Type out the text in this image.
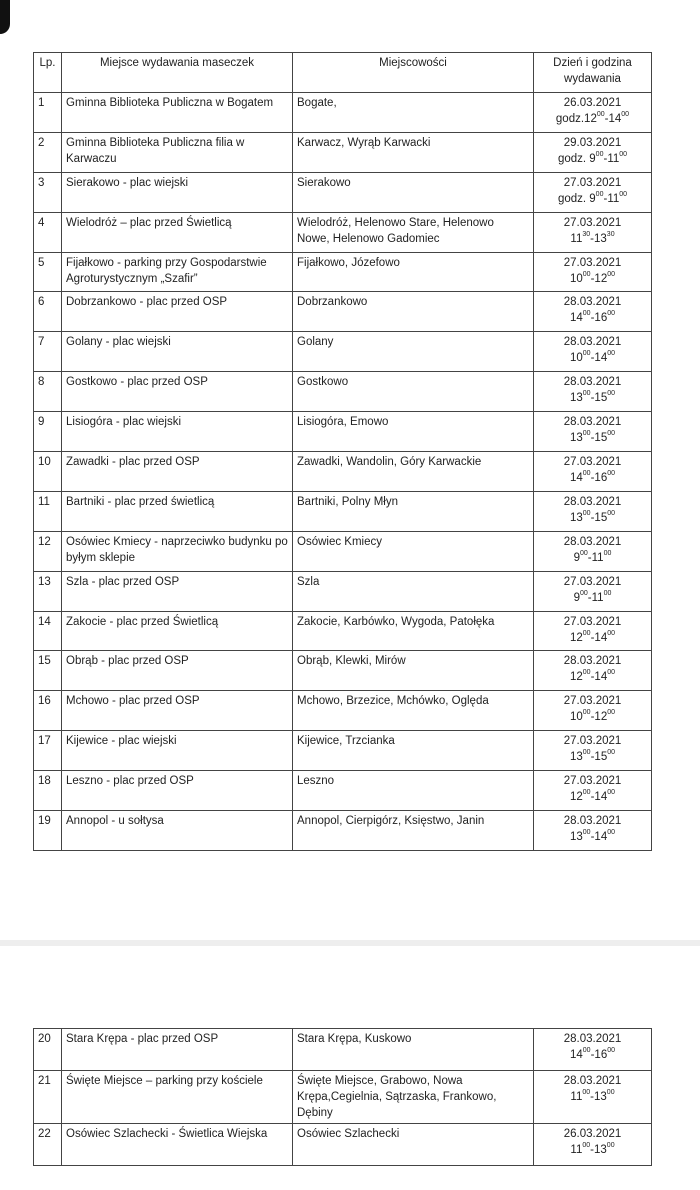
Lp.	Miejsce wydawania maseczek	Miejscowości	Dzień i godzina wydawania
1	Gminna Biblioteka Publiczna w Bogatem	Bogate,	26.03.2021
$godz.12^{00}-14^{00}$

2	Gminna Biblioteka Publiczna filia w Karwaczu	Karwacz, Wyrąb Karwacki	29.03.2021
godz. $9^{00}-11^{00}$

3	Sierakowo - plac wiejski	Sierakowo	27.03.2021
godz. $9^{00}-11^{00}$

4	Wielodróż – plac przed Świetlicą	Wielodróż, Helenowo Stare, Helenowo Nowe, Helenowo Gadomiec	27.03.2021
$11^{30}-13^{30}$

5	Fijałkowo - parking przy Gospodarstwie Agroturystycznym „Szafir”	Fijałkowo, Józefowo	27.03.2021
$10^{00}-12^{00}$

6	Dobrzankowo - plac przed OSP	Dobrzankowo	28.03.2021
$14^{00}-16^{00}$

7	Golany - plac wiejski	Golany	28.03.2021
$10^{00}-14^{00}$

8	Gostkowo - plac przed OSP	Gostkowo	28.03.2021
$13^{00}-15^{00}$

9	Lisiogóra - plac wiejski	Lisiogóra, Emowo	28.03.2021
$13^{00}-15^{00}$

10	Zawadki - plac przed OSP	Zawadki, Wandolin, Góry Karwackie	27.03.2021
$14^{00}-16^{00}$

11	Bartniki - plac przed świetlicą	Bartniki, Polny Młyn	28.03.2021
$13^{00}-15^{00}$

12	Osówiec Kmiecy - naprzeciwko budynku po byłym sklepie	Osówiec Kmiecy	28.03.2021
$9^{00}-11^{00}$

13	Szla - plac przed OSP	Szla	27.03.2021
$9^{00}-11^{00}$

14	Zakocie - plac przed Świetlicą	Zakocie, Karbówko, Wygoda, Patołęka	27.03.2021
$12^{00}-14^{00}$

15	Obrąb - plac przed OSP	Obrąb, Klewki, Mirów	28.03.2021
$12^{00}-14^{00}$

16	Mchowo - plac przed OSP	Mchowo, Brzezice, Mchówko, Oględa	27.03.2021
$10^{00}-12^{00}$

17	Kijewice - plac wiejski	Kijewice, Trzcianka	27.03.2021
$13^{00}-15^{00}$

18	Leszno - plac przed OSP	Leszno	27.03.2021
$12^{00}-14^{00}$

19	Annopol - u sołtysa	Annopol, Cierpigórz, Księstwo, Janin	28.03.2021
$13^{00}-14^{00}$
20	Stara Krępa - plac przed OSP	Stara Krępa, Kuskowo	28.03.2021
$14^{00}-16^{00}$

21	Święte Miejsce – parking przy kościele	Święte Miejsce, Grabowo, Nowa Krępa,Cegielnia, Sątrzaska, Frankowo, Dębiny	28.03.2021
$11^{00}-13^{00}$

22	Osówiec Szlachecki - Świetlica Wiejska	Osówiec Szlachecki	26.03.2021
$11^{00}-13^{00}$
